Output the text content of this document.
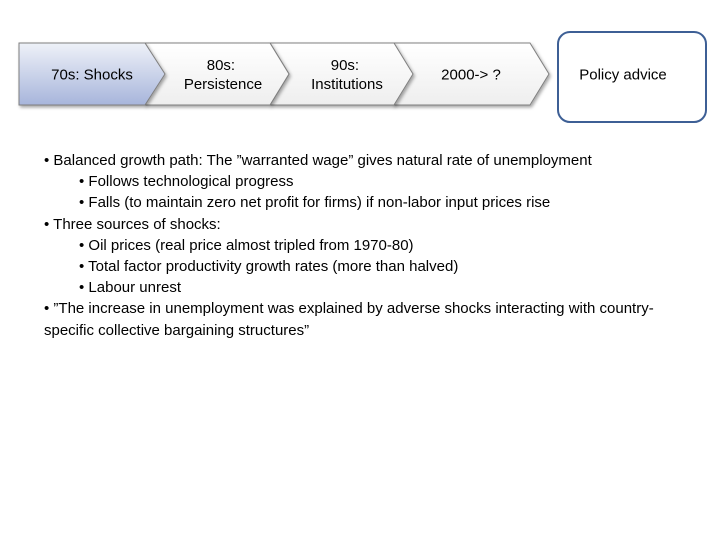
2000-> ?
90s: Institutions
80s: Persistence
70s: Shocks	Policy advice

• Balanced growth path: The ”warranted wage” gives natural rate of unemployment

• Follows technological progress

• Falls (to maintain zero net profit for firms) if non-labor input prices rise

• Three sources of shocks:

• Oil prices (real price almost tripled from 1970-80)

• Total factor productivity growth rates (more than halved)

• Labour unrest

• ”The increase in unemployment was explained by adverse shocks interacting with country-specific collective bargaining structures”
